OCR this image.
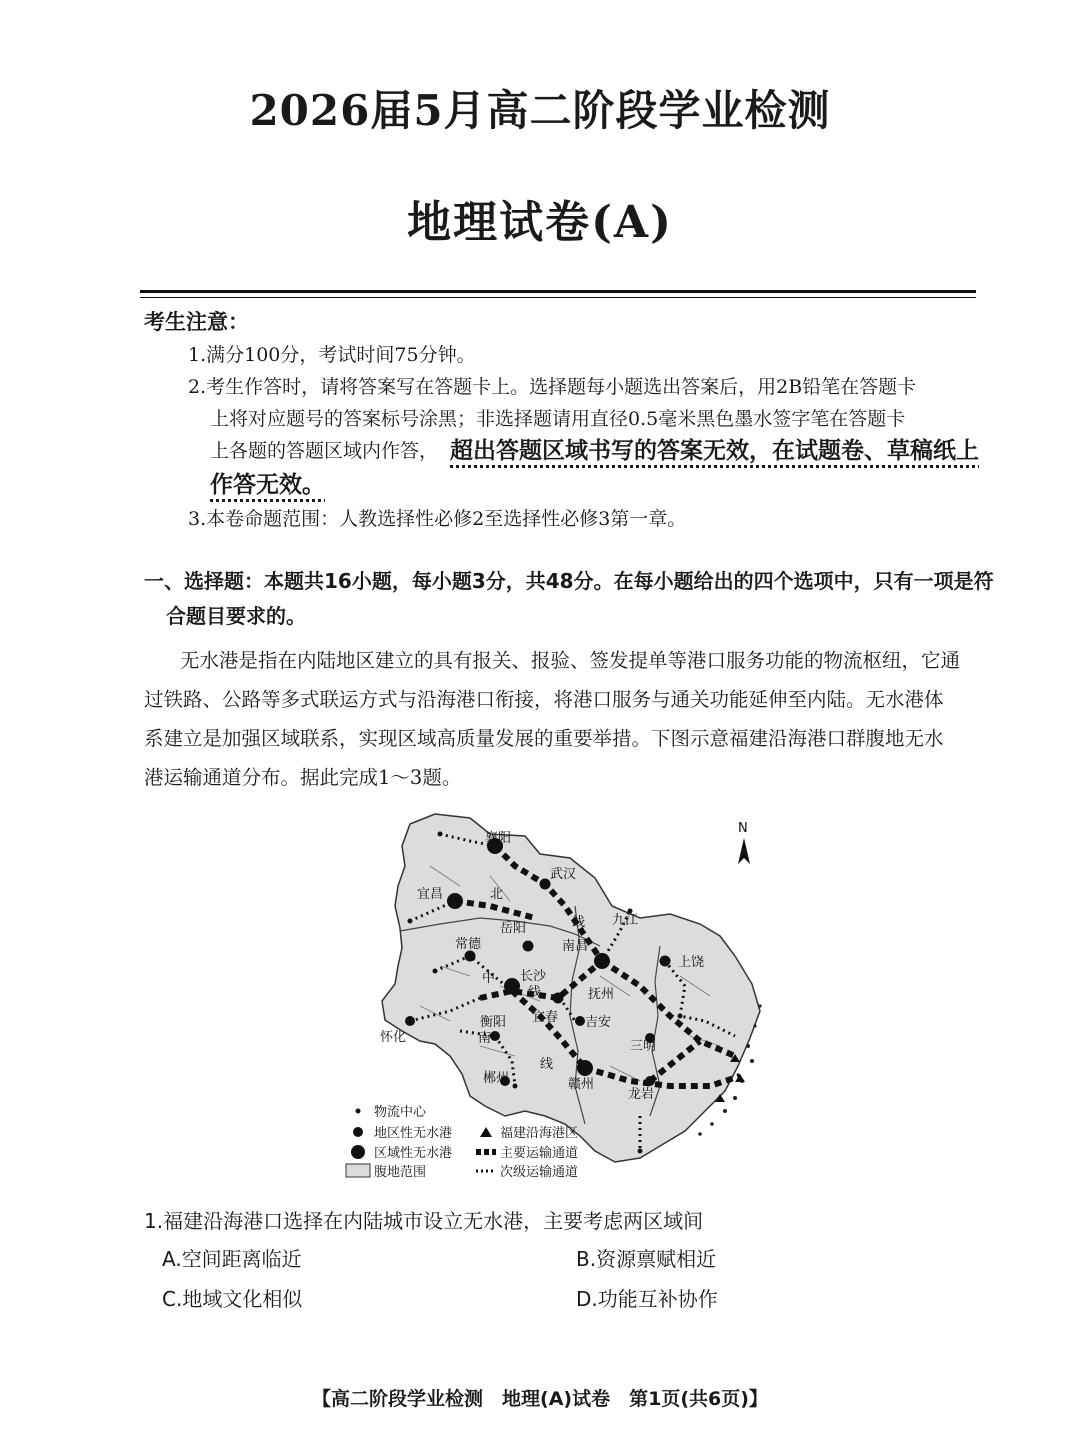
2026届5月高二阶段学业检测
地理试卷(A)
考生注意：
1.满分100分，考试时间75分钟。
2.考生作答时，请将答案写在答题卡上。选择题每小题选出答案后，用2B铅笔在答题卡
上将对应题号的答案标号涂黑；非选择题请用直径0.5毫米黑色墨水签字笔在答题卡
上各题的答题区域内作答， 超出答题区域书写的答案无效，在试题卷、草稿纸上
作答无效。
3.本卷命题范围：人教选择性必修2至选择性必修3第一章。
一、选择题：本题共16小题，每小题3分，共48分。在每小题给出的四个选项中，只有一项是符
合题目要求的。
无水港是指在内陆地区建立的具有报关、报验、签发提单等港口服务功能的物流枢纽，它通
过铁路、公路等多式联运方式与沿海港口衔接，将港口服务与通关功能延伸至内陆。无水港体
系建立是加强区域联系，实现区域高质量发展的重要举措。下图示意福建沿海港口群腹地无水
港运输通道分布。据此完成1～3题。
襄阳
武汉
宜昌
九江
岳阳
常德	南昌
上饶
长沙
抚州
宜春 吉安
怀化
衡阳
三明
郴州	赣州
龙岩
北
线
中
线
南
线
N
物流中心
地区性无水港
区域性无水港
腹地范围
福建沿海港区
主要运输通道
次级运输通道
1.福建沿海港口选择在内陆城市设立无水港，主要考虑两区域间
A.空间距离临近	B.资源禀赋相近
C.地域文化相似	D.功能互补协作
【高二阶段学业检测　地理(A)试卷　第1页(共6页)】
